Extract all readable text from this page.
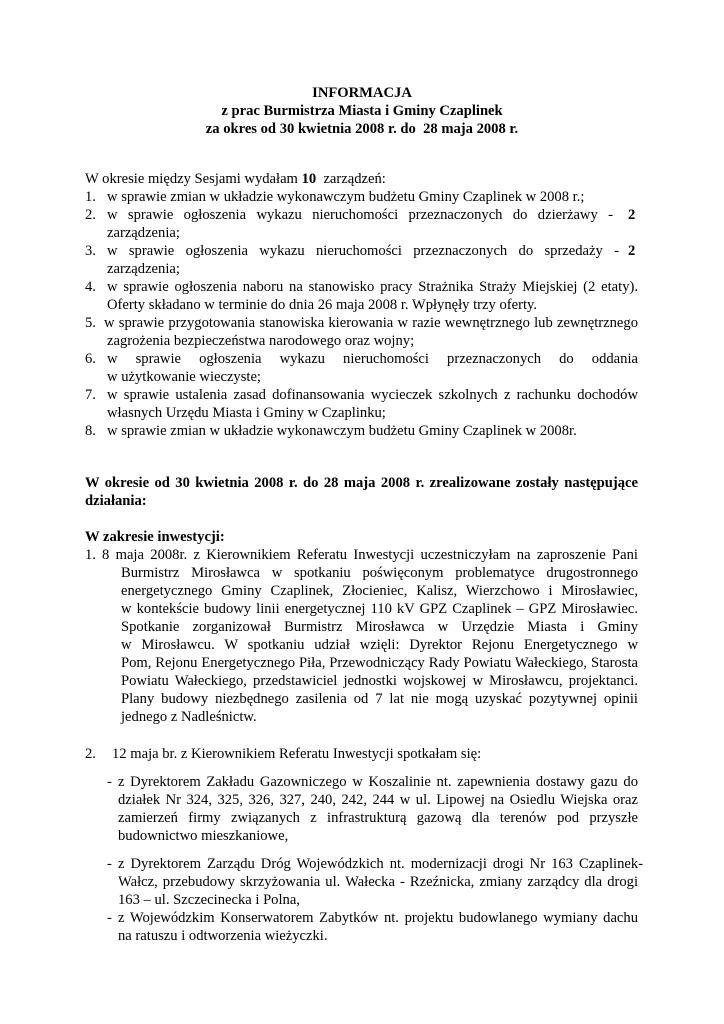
INFORMACJA
z prac Burmistrza Miasta i Gminy Czaplinek
za okres od 30 kwietnia 2008 r. do  28 maja 2008 r.
W okresie między Sesjami wydałam 10  zarządzeń:
1. w sprawie zmian w układzie wykonawczym budżetu Gminy Czaplinek w 2008 r.;
2. w sprawie ogłoszenia wykazu nieruchomości przeznaczonych do dzierżawy - 2
zarządzenia;
3. w sprawie ogłoszenia wykazu nieruchomości przeznaczonych do sprzedaży - 2
zarządzenia;
4. w sprawie ogłoszenia naboru na stanowisko pracy Strażnika Straży Miejskiej (2 etaty).
Oferty składano w terminie do dnia 26 maja 2008 r. Wpłynęły trzy oferty.
5. w sprawie przygotowania stanowiska kierowania w razie wewnętrznego lub zewnętrznego
zagrożenia bezpieczeństwa narodowego oraz wojny;
6. w sprawie ogłoszenia wykazu nieruchomości przeznaczonych do oddania
w użytkowanie wieczyste;
7. w sprawie ustalenia zasad dofinansowania wycieczek szkolnych z rachunku dochodów
własnych Urzędu Miasta i Gminy w Czaplinku;
8. w sprawie zmian w układzie wykonawczym budżetu Gminy Czaplinek w 2008r.
W okresie od 30 kwietnia 2008 r. do 28 maja 2008 r. zrealizowane zostały następujące
działania:
W zakresie inwestycji:
1. 8 maja 2008r. z Kierownikiem Referatu Inwestycji uczestniczyłam na zaproszenie Pani
Burmistrz Mirosławca w spotkaniu poświęconym problematyce drugostronnego
energetycznego Gminy Czaplinek, Złocieniec, Kalisz, Wierzchowo i Mirosławiec,
w kontekście budowy linii energetycznej 110 kV GPZ Czaplinek – GPZ Mirosławiec.
Spotkanie zorganizował Burmistrz Mirosławca w Urzędzie Miasta i Gminy
w Mirosławcu. W spotkaniu udział wzięli: Dyrektor Rejonu Energetycznego w
Pom, Rejonu Energetycznego Piła, Przewodniczący Rady Powiatu Wałeckiego, Starosta
Powiatu Wałeckiego, przedstawiciel jednostki wojskowej w Mirosławcu, projektanci.
Plany budowy niezbędnego zasilenia od 7 lat nie mogą uzyskać pozytywnej opinii
jednego z Nadleśnictw.
2. 12 maja br. z Kierownikiem Referatu Inwestycji spotkałam się:
- z Dyrektorem Zakładu Gazowniczego w Koszalinie nt. zapewnienia dostawy gazu do
działek Nr 324, 325, 326, 327, 240, 242, 244 w ul. Lipowej na Osiedlu Wiejska oraz
zamierzeń firmy związanych z infrastrukturą gazową dla terenów pod przyszłe
budownictwo mieszkaniowe,
- z Dyrektorem Zarządu Dróg Wojewódzkich nt. modernizacji drogi Nr 163 Czaplinek-
Wałcz, przebudowy skrzyżowania ul. Wałecka - Rzeźnicka, zmiany zarządcy dla drogi
163 – ul. Szczecinecka i Polna,
- z Wojewódzkim Konserwatorem Zabytków nt. projektu budowlanego wymiany dachu
na ratuszu i odtworzenia wieżyczki.
